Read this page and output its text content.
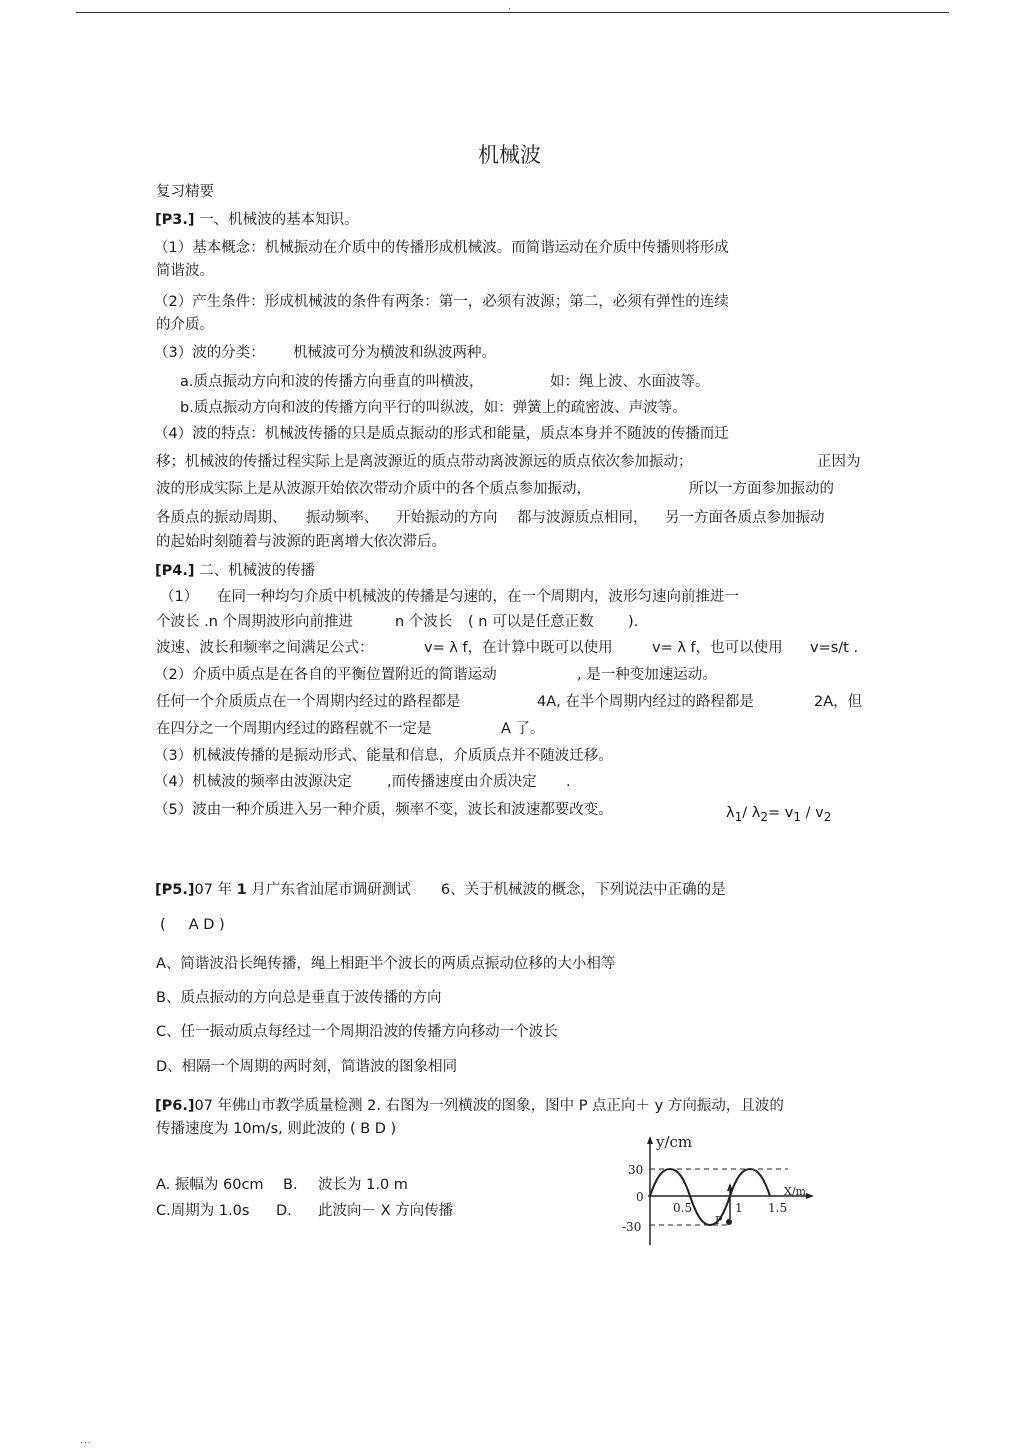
.
机械波
复习精要
[P3.] 一、机械波的基本知识。
（1）基本概念：机械振动在介质中的传播形成机械波。而简谐运动在介质中传播则将形成
简谐波。
（2）产生条件：形成机械波的条件有两条：第一，必须有波源；第二，必须有弹性的连续
的介质。
（3）波的分类： 机械波可分为横波和纵波两种。
a.质点振动方向和波的传播方向垂直的叫横波，	如：绳上波、水面波等。
b.质点振动方向和波的传播方向平行的叫纵波，如：弹簧上的疏密波、声波等。
（4）波的特点：机械波传播的只是质点振动的形式和能量，质点本身并不随波的传播而迁
移；机械波的传播过程实际上是离波源近的质点带动离波源远的质点依次参加振动；	正因为
波的形成实际上是从波源开始依次带动介质中的各个质点参加振动，	所以一方面参加振动的
各质点的振动周期、 振动频率、 开始振动的方向 都与波源质点相同， 另一方面各质点参加振动
的起始时刻随着与波源的距离增大依次滞后。
[P4.] 二、机械波的传播
（1） 在同一种均匀介质中机械波的传播是匀速的，在一个周期内，波形匀速向前推进一
个波长 .n 个周期波形向前推进	n 个波长 ( n 可以是任意正数 ).
波速、波长和频率之间满足公式：	v= λ f，在计算中既可以使用	v= λ f，也可以使用 v=s/t .
（2）介质中质点是在各自的平衡位置附近的简谐运动	, 是一种变加速运动。
任何一个介质质点在一个周期内经过的路程都是	4A, 在半个周期内经过的路程都是	2A，但
在四分之一个周期内经过的路程就不一定是	A 了。
（3）机械波传播的是振动形式、能量和信息，介质质点并不随波迁移。
（4）机械波的频率由波源决定 ,而传播速度由介质决定 .
（5）波由一种介质进入另一种介质，频率不变，波长和波速都要改变。	$\lambda_1/$ $\lambda_2= v_1 / v_2$
[P5.]07 年 1 月广东省汕尾市调研测试 6、关于机械波的概念，下列说法中正确的是
(     A D )
A、简谐波沿长绳传播，绳上相距半个波长的两质点振动位移的大小相等
B、质点振动的方向总是垂直于波传播的方向
C、任一振动质点每经过一个周期沿波的传播方向移动一个波长
D、相隔一个周期的两时刻，简谐波的图象相同
[P6.]07 年佛山市教学质量检测 2. 右图为一列横波的图象，图中 P 点正向＋ y 方向振动，且波的
传播速度为 10m/s, 则此波的 ( B D )
A. 振幅为 60cm B. 波长为 1.0 m
C.周期为 1.0s D. 此波向－ X 方向传播
y/cm
X/m
30
0
-30
0.5	1 1.5
P
...
